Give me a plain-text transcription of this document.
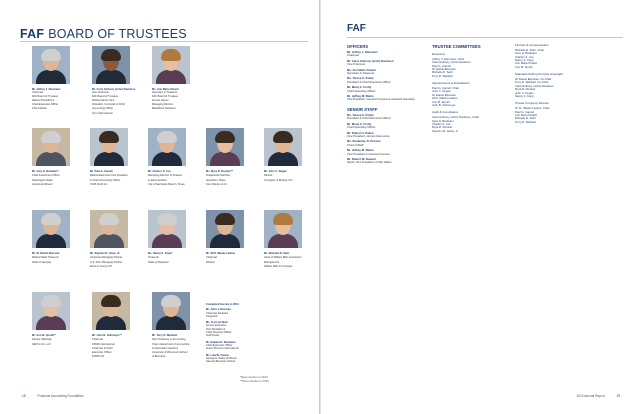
FAF BOARD OF TRUSTEES
Mr. Jeffrey J. Diermeier
Chairman
FAF Board of Trustees
Retired President &
Chief Executive Officer
CFA Institute
Mr. Carol Anthony (John) Davidson
Vice Chairman
FAF Board of Trustees
Retired Senior Vice
President, Controller & Chief
Accounting Officer
Tyco International
Ms. Ann Marie Petach
Secretary & Treasurer
FAF Board of Trustees
Former Senior
Managing Director
BlackRock Solutions
Mr. Gary H. Bradeker*
Chief Investment Officer
Washington State
Investment Board
Mr. Paul G. Camell
Retired Executive Vice President
& Chief Accounting Officer
CCM Smith Inc.
Mr. Charles S. Cox
Managing Director of Finance
& Administration
City of Fairbanks Branch, Texas
Ms. Myra R. Drucker**
Independent Director
Grantham, Mayo,
Van Otterloo & Co.
Mr. John C. Dugan
Partner
Covington & Burling LLP
Mr. W. Daniel Ebersole
Retired State Treasurer
State of Georgia
Mr. Stephen R. Howe, Jr.
Americas Managing Partner
U.S. Firm Managing Partner
Ernst & Young LLP
Ms. Nancy K. Kopp*
Treasurer
State of Maryland
Mr. W.M. (Mack) Lawton
Chairman
Weaver
Ms. Michelle R. Seitz
Head of William Blair Investment
Management
William Blair & Company
Mr. Ann M. Spruill**
Partner (Retired)
GMO & Co. LLC
Mr. John B. Veihmeyer**
Chairman
KPMG International
Chairman & Chief
Executive Officer
KPMG US
Mr. Terry D. Warfield
PwC Professor in Accounting
Chair, Department of Accounting
& Information Systems
University of Wisconsin School
of Business
Completed Service in 2014

Mr. John J. Brennan
Chairman Emeritus
Vanguard

Ms. Teri List-Stoll
Former Executive
Vice President &
Chief Financial Officer
Kraft Foods

Mr. Edward E. Nusbaum
Chief Executive Officer
Grant Thornton International

Mr. Lula W. Visaria
George E. Bates Professor
Harvard Business School

*New member in 2014
**New member in 2015
18	Financial Accounting Foundation
FAF
OFFICERS
Mr. Jeffrey J. Diermeier
Chairman
Mr. Carol Anthony (John) Davidson
Vice Chairman
Ms. Ann Marie Petach
Secretary & Treasurer
Ms. Teresa S. Polley
President & Chief Executive Officer
Mr. Marty F. Crotty
Chief Operating Officer
Mr. Jeffrey M. Rubin
Vice President, General Counsel & Assistant Secretary
SENIOR STAFF
Ms. Teresa S. Polley
President & Chief Executive Officer
Mr. Marty F. Crotty
Chief Operating Officer
Mr. Robert H. Kalina
Vice President, Human Resources
Ms. Kimberley R. Petrone
Chief of Staff
Mr. Jeffrey M. Rubin
Vice President & General Counsel
Mr. Robert W. Stewart
Senior Vice President, Public Affairs
TRUSTEE COMMITTEES
Executive
Jeffrey J. Diermeier, Chair
Carol Anthony (John) Davidson
Paul G. Camell
W. Daniel Ebersole
Michelle R. Seitz
Terry D. Warfield
Appointments & Evaluations
Paul G. Camell, Chair
John C. Dugan
W. Daniel Ebersole
W.M. (Mack) Lawton
Ann M. Spruill
John B. Veihmeyer
Audit & Compliance
Carol Anthony (John) Davidson, Chair
Gary H. Bradeker
Charles S. Cox
Myra R. Drucker
Stephen R. Howe, Jr.
Finance & Compensation
Michelle R. Seitz, Chair
Gary H. Bradeker
Charles S. Cox
Nancy K. Kopp
Ann Marie Petach
Ann M. Spruill
Standard-Setting Process Oversight
W. Daniel Ebersole, Co-Chair
Terry D. Warfield, Co-Chair
Carol Anthony (John) Davidson
Myra R. Drucker
John C. Dugan
Nancy K. Kopp
Private Company Review
W. M. (Mack) Lawton, Chair
Paul G. Camell
Ann Marie Petach
Michelle R. Seitz
Terry D. Warfield
2014 Annual Report	19
